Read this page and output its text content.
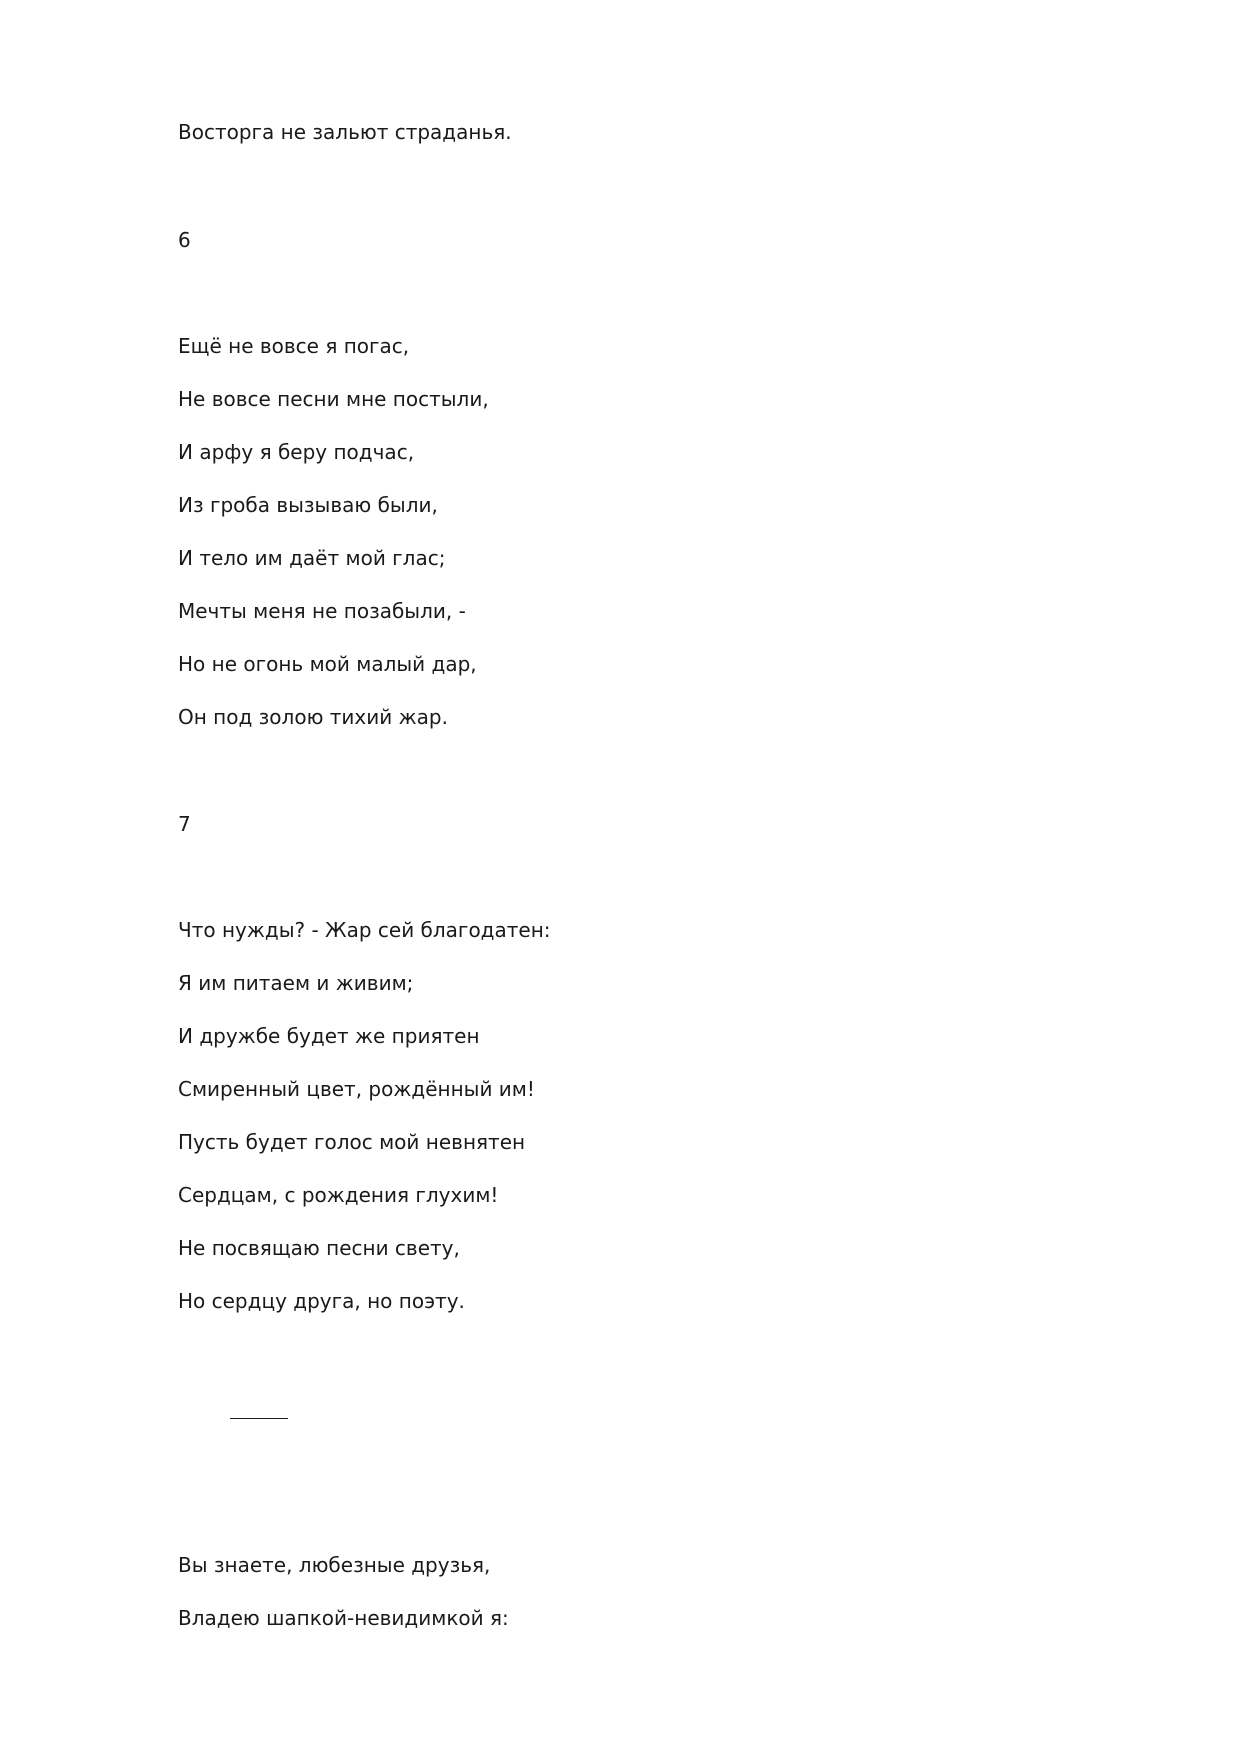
Восторга не зальют страданья.
6
Ещё не вовсе я погас,
Не вовсе песни мне постыли,
И арфу я беру подчас,
Из гроба вызываю были,
И тело им даёт мой глас;
Мечты меня не позабыли, -
Но не огонь мой малый дар,
Он под золою тихий жар.
7
Что нужды? - Жар сей благодатен:
Я им питаем и живим;
И дружбе будет же приятен
Смиренный цвет, рождённый им!
Пусть будет голос мой невнятен
Сердцам, с рождения глухим!
Не посвящаю песни свету,
Но сердцу друга, но поэту.
Вы знаете, любезные друзья,
Владею шапкой-невидимкой я:
